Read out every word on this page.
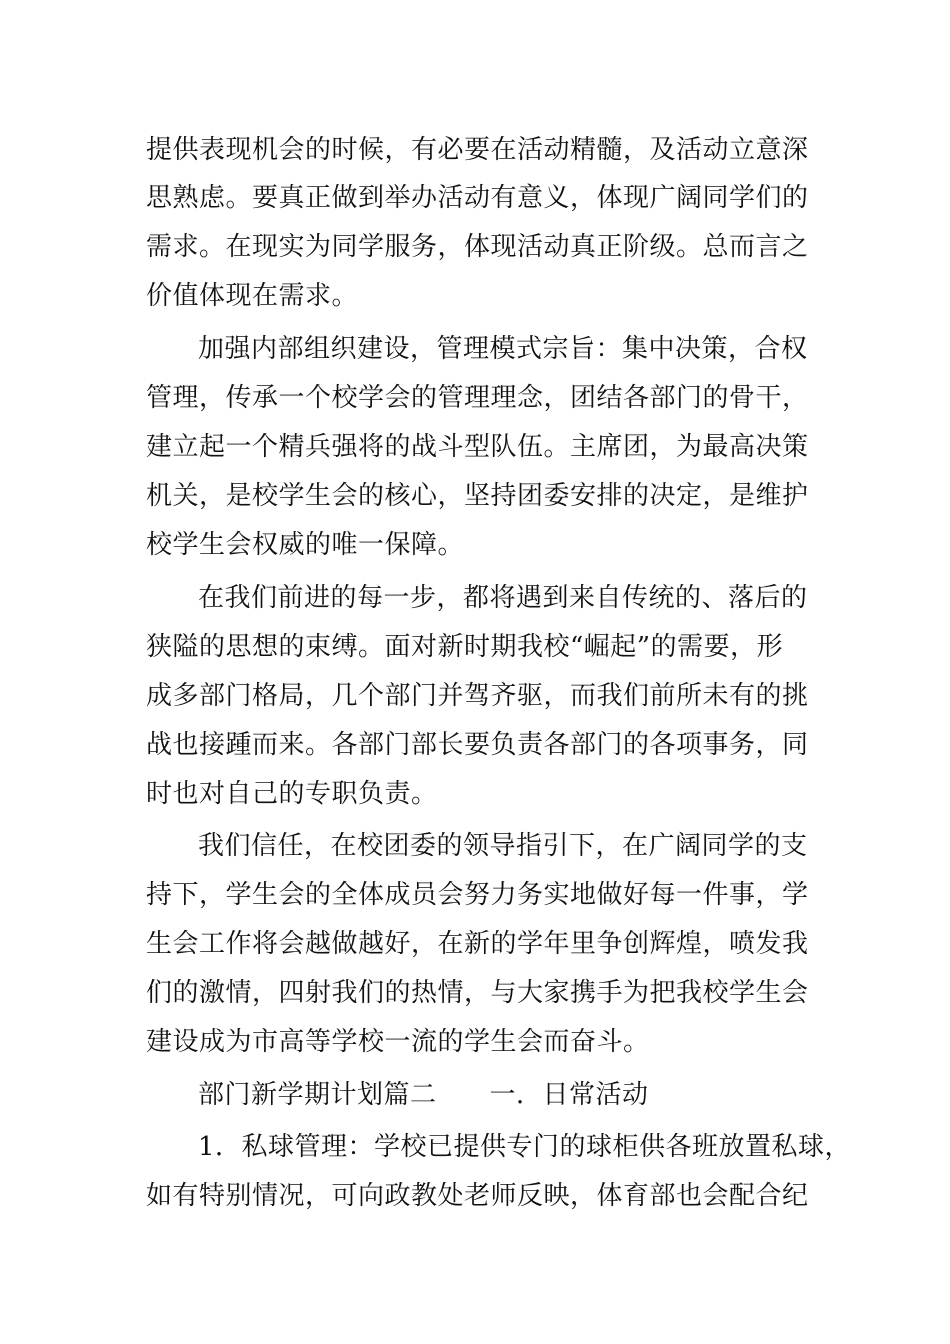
提供表现机会的时候，有必要在活动精髓，及活动立意深
思熟虑。要真正做到举办活动有意义，体现广阔同学们的
需求。在现实为同学服务，体现活动真正阶级。总而言之
价值体现在需求。
加强内部组织建设，管理模式宗旨：集中决策，合权
管理，传承一个校学会的管理理念，团结各部门的骨干，
建立起一个精兵强将的战斗型队伍。主席团，为最高决策
机关，是校学生会的核心，坚持团委安排的决定，是维护
校学生会权威的唯一保障。
在我们前进的每一步，都将遇到来自传统的、落后的
狭隘的思想的束缚。面对新时期我校“崛起”的需要，形
成多部门格局，几个部门并驾齐驱，而我们前所未有的挑
战也接踵而来。各部门部长要负责各部门的各项事务，同
时也对自己的专职负责。
我们信任，在校团委的领导指引下，在广阔同学的支
持下，学生会的全体成员会努力务实地做好每一件事，学
生会工作将会越做越好，在新的学年里争创辉煌，喷发我
们的激情，四射我们的热情，与大家携手为把我校学生会
建设成为市高等学校一流的学生会而奋斗。
部门新学期计划篇二　　一．日常活动
1．私球管理：学校已提供专门的球柜供各班放置私球，
如有特别情况，可向政教处老师反映，体育部也会配合纪
